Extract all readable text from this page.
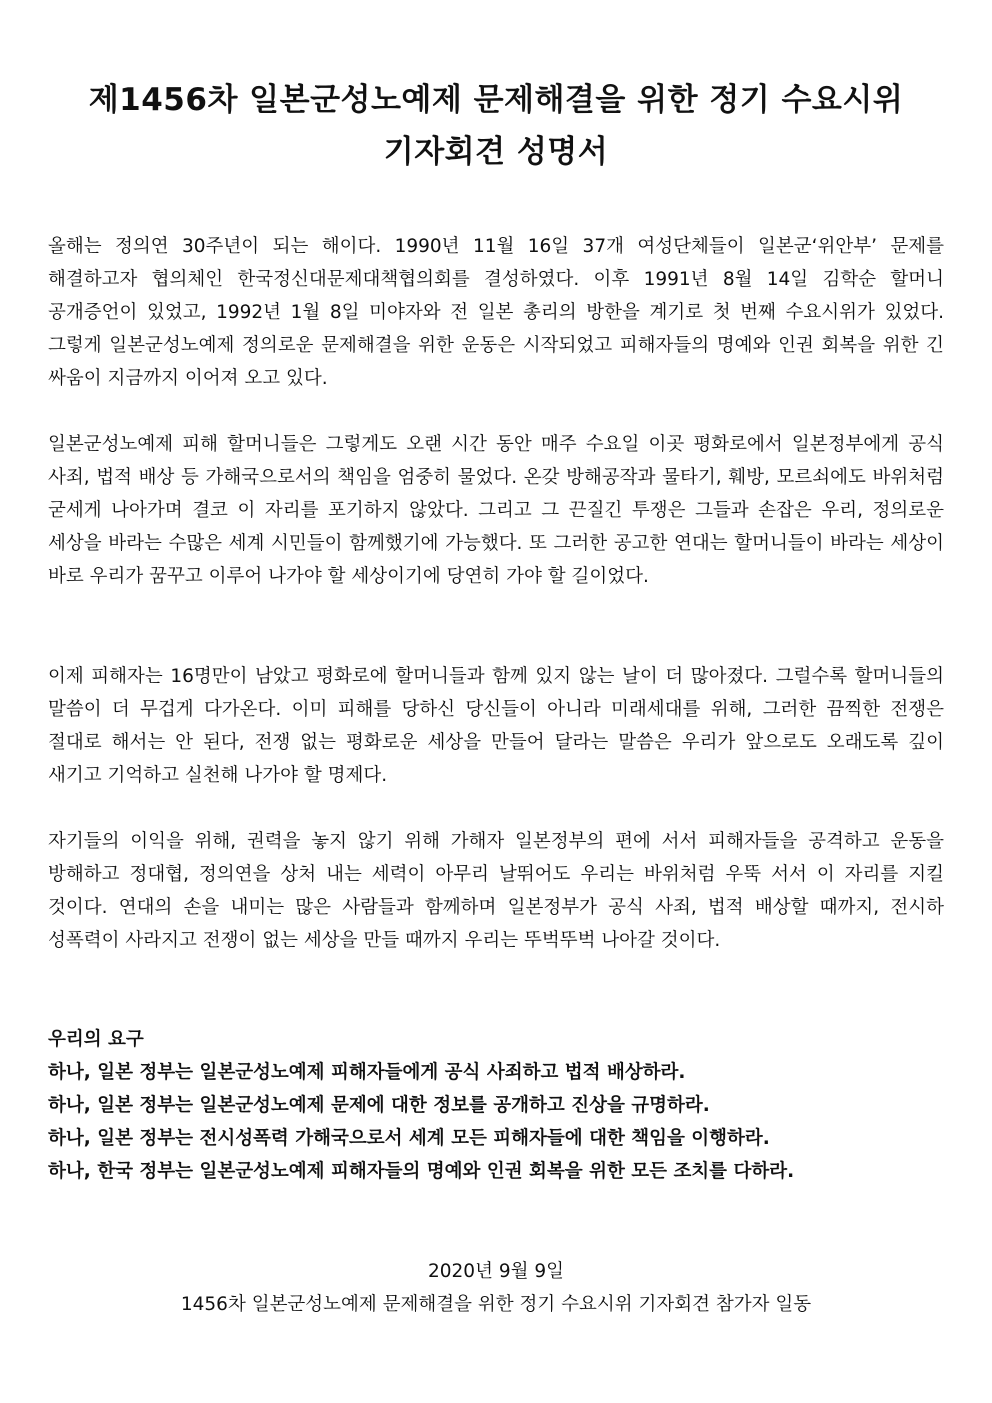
제1456차 일본군성노예제 문제해결을 위한 정기 수요시위
기자회견 성명서

올해는 정의연 30주년이 되는 해이다. 1990년 11월 16일 37개 여성단체들이 일본군‘위안부’ 문제를 해결하고자 협의체인 한국정신대문제대책협의회를 결성하였다. 이후 1991년 8월 14일 김학순 할머니 공개증언이 있었고, 1992년 1월 8일 미야자와 전 일본 총리의 방한을 계기로 첫 번째 수요시위가 있었다. 그렇게 일본군성노예제 정의로운 문제해결을 위한 운동은 시작되었고 피해자들의 명예와 인권 회복을 위한 긴 싸움이 지금까지 이어져 오고 있다.

일본군성노예제 피해 할머니들은 그렇게도 오랜 시간 동안 매주 수요일 이곳 평화로에서 일본정부에게 공식 사죄, 법적 배상 등 가해국으로서의 책임을 엄중히 물었다. 온갖 방해공작과 물타기, 훼방, 모르쇠에도 바위처럼 굳세게 나아가며 결코 이 자리를 포기하지 않았다. 그리고 그 끈질긴 투쟁은 그들과 손잡은 우리, 정의로운 세상을 바라는 수많은 세계 시민들이 함께했기에 가능했다. 또 그러한 공고한 연대는 할머니들이 바라는 세상이 바로 우리가 꿈꾸고 이루어 나가야 할 세상이기에 당연히 가야 할 길이었다.

이제 피해자는 16명만이 남았고 평화로에 할머니들과 함께 있지 않는 날이 더 많아졌다. 그럴수록 할머니들의 말씀이 더 무겁게 다가온다. 이미 피해를 당하신 당신들이 아니라 미래세대를 위해, 그러한 끔찍한 전쟁은 절대로 해서는 안 된다, 전쟁 없는 평화로운 세상을 만들어 달라는 말씀은 우리가 앞으로도 오래도록 깊이 새기고 기억하고 실천해 나가야 할 명제다.

자기들의 이익을 위해, 권력을 놓지 않기 위해 가해자 일본정부의 편에 서서 피해자들을 공격하고 운동을 방해하고 정대협, 정의연을 상처 내는 세력이 아무리 날뛰어도 우리는 바위처럼 우뚝 서서 이 자리를 지킬 것이다. 연대의 손을 내미는 많은 사람들과 함께하며 일본정부가 공식 사죄, 법적 배상할 때까지, 전시하 성폭력이 사라지고 전쟁이 없는 세상을 만들 때까지 우리는 뚜벅뚜벅 나아갈 것이다.

우리의 요구
하나, 일본 정부는 일본군성노예제 피해자들에게 공식 사죄하고 법적 배상하라.
하나, 일본 정부는 일본군성노예제 문제에 대한 정보를 공개하고 진상을 규명하라.
하나, 일본 정부는 전시성폭력 가해국으로서 세계 모든 피해자들에 대한 책임을 이행하라.
하나, 한국 정부는 일본군성노예제 피해자들의 명예와 인권 회복을 위한 모든 조치를 다하라.
2020년 9월 9일
1456차 일본군성노예제 문제해결을 위한 정기 수요시위 기자회견 참가자 일동
